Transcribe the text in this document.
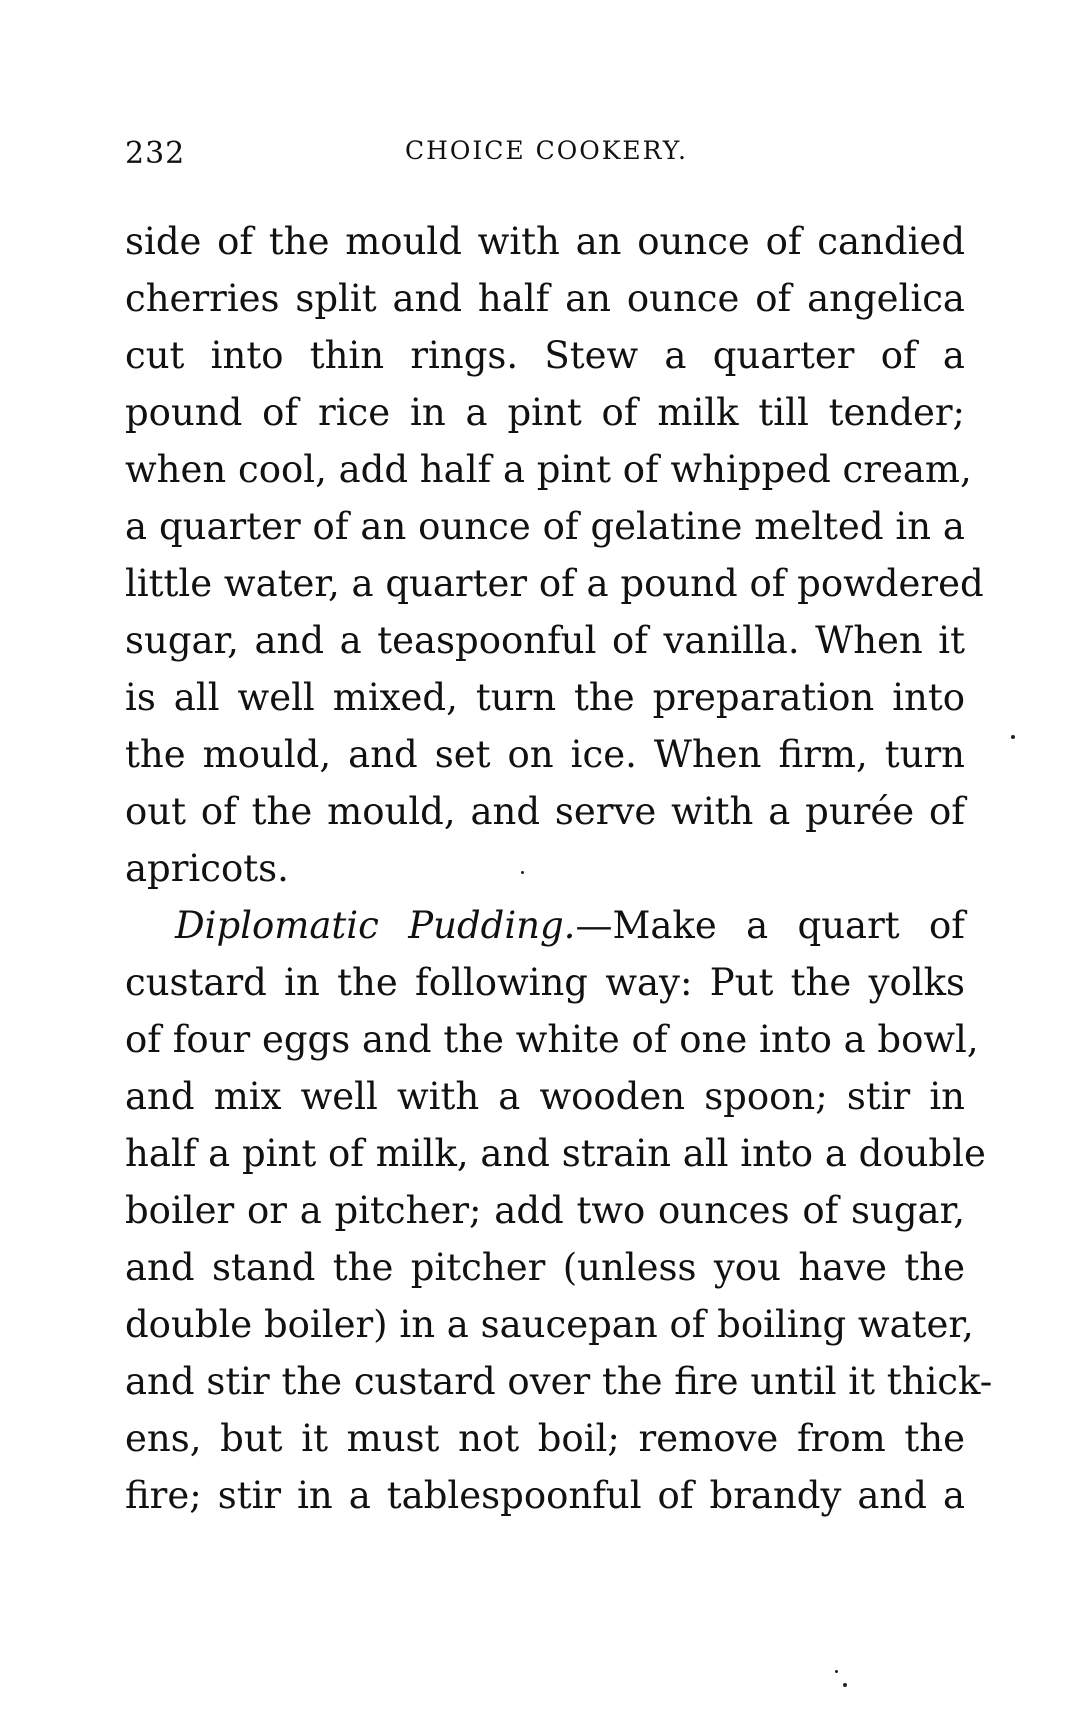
232	CHOICE COOKERY.
side of the mould with an ounce of candied
cherries split and half an ounce of angelica
cut into thin rings. Stew a quarter of a
pound of rice in a pint of milk till tender;
when cool, add half a pint of whipped cream,
a quarter of an ounce of gelatine melted in a
little water, a quarter of a pound of powdered
sugar, and a teaspoonful of vanilla. When it
is all well mixed, turn the preparation into
the mould, and set on ice. When firm, turn
out of the mould, and serve with a purée of
apricots.
Diplomatic Pudding.—Make a quart of
custard in the following way: Put the yolks
of four eggs and the white of one into a bowl,
and mix well with a wooden spoon; stir in
half a pint of milk, and strain all into a double
boiler or a pitcher; add two ounces of sugar,
and stand the pitcher (unless you have the
double boiler) in a saucepan of boiling water,
and stir the custard over the fire until it thick-
ens, but it must not boil; remove from the
fire; stir in a tablespoonful of brandy and a
